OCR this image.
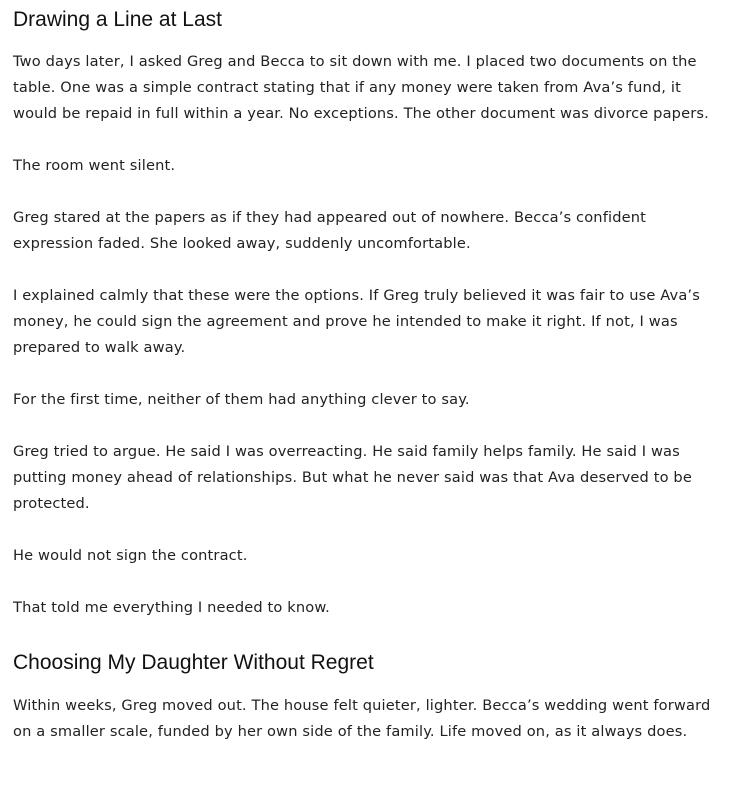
Drawing a Line at Last

Two days later, I asked Greg and Becca to sit down with me. I placed two documents on the table. One was a simple contract stating that if any money were taken from Ava’s fund, it would be repaid in full within a year. No exceptions. The other document was divorce papers.

The room went silent.

Greg stared at the papers as if they had appeared out of nowhere. Becca’s confident expression faded. She looked away, suddenly uncomfortable.

I explained calmly that these were the options. If Greg truly believed it was fair to use Ava’s money, he could sign the agreement and prove he intended to make it right. If not, I was prepared to walk away.

For the first time, neither of them had anything clever to say.

Greg tried to argue. He said I was overreacting. He said family helps family. He said I was putting money ahead of relationships. But what he never said was that Ava deserved to be protected.

He would not sign the contract.

That told me everything I needed to know.

Choosing My Daughter Without Regret

Within weeks, Greg moved out. The house felt quieter, lighter. Becca’s wedding went forward on a smaller scale, funded by her own side of the family. Life moved on, as it always does.
